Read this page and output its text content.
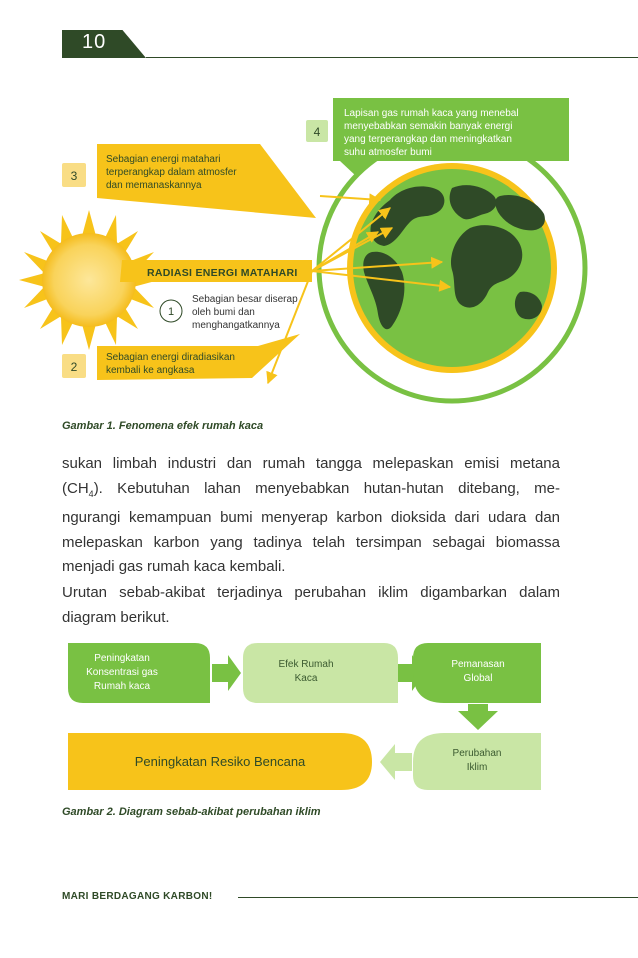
10
4
3
2
1
Sebagian energi matahari
terperangkap dalam atmosfer
dan memanaskannya
Lapisan gas rumah kaca yang menebal
menyebabkan semakin banyak energi
yang terperangkap dan meningkatkan
suhu atmosfer bumi
RADIASI ENERGI MATAHARI
Sebagian besar diserap
oleh bumi dan
menghangatkannya
Sebagian energi diradiasikan
kembali ke angkasa
Gambar 1. Fenomena efek rumah kaca
sukan limbah industri dan rumah tangga melepaskan emisi metana
$(CH_4)$. Kebutuhan lahan menyebabkan hutan-hutan ditebang, me-
ngurangi kemampuan bumi menyerap karbon dioksida dari udara dan
melepaskan karbon yang tadinya telah tersimpan sebagai biomassa
menjadi gas rumah kaca kembali.
Urutan sebab-akibat terjadinya perubahan iklim digambarkan dalam
diagram berikut.
Peningkatan
Konsentrasi gas
Rumah kaca
Efek Rumah
Kaca
Pemanasan
Global
Perubahan
Iklim
Peningkatan Resiko Bencana
Gambar 2. Diagram sebab-akibat perubahan iklim
MARI BERDAGANG KARBON!
